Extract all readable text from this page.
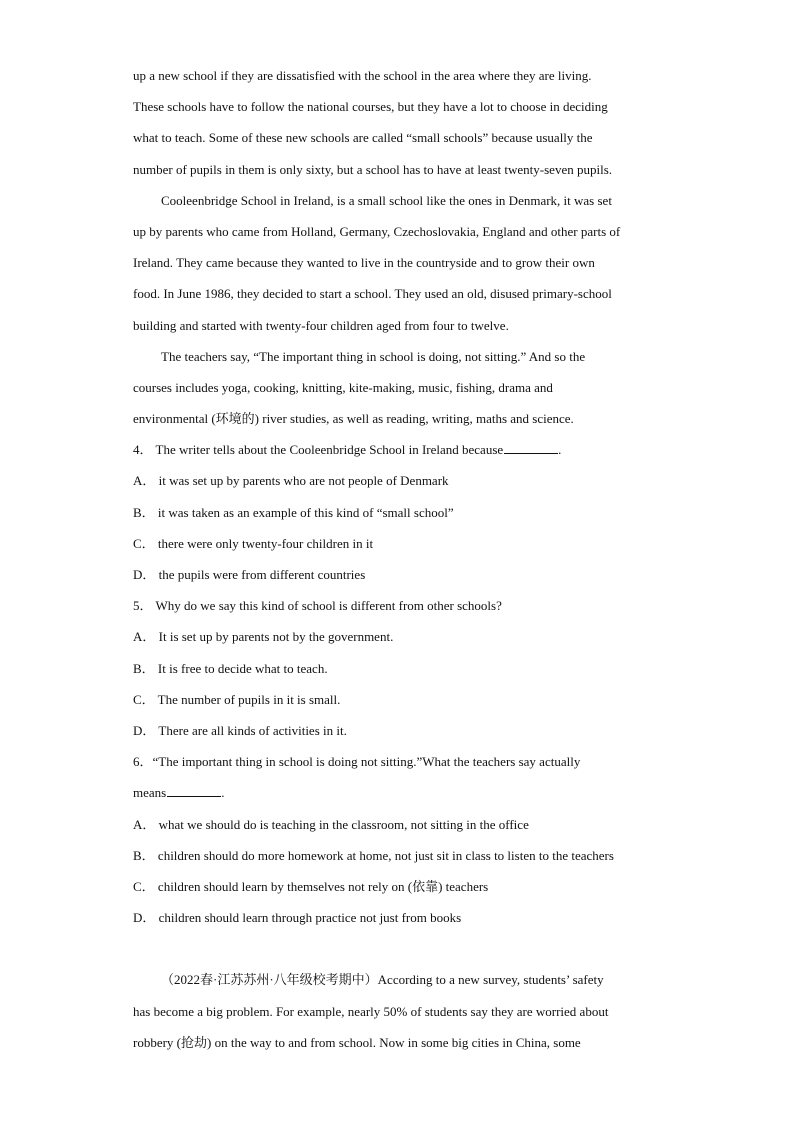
up a new school if they are dissatisfied with the school in the area where they are living.
These schools have to follow the national courses, but they have a lot to choose in deciding
what to teach. Some of these new schools are called “small schools” because usually the
number of pupils in them is only sixty, but a school has to have at least twenty-seven pupils.
Cooleenbridge School in Ireland, is a small school like the ones in Denmark, it was set
up by parents who came from Holland, Germany, Czechoslovakia, England and other parts of
Ireland. They came because they wanted to live in the countryside and to grow their own
food. In June 1986, they decided to start a school. They used an old, disused primary-school
building and started with twenty-four children aged from four to twelve.
The teachers say, “The important thing in school is doing, not sitting.” And so the
courses includes yoga, cooking, knitting, kite-making, music, fishing, drama and
environmental (环境的) river studies, as well as reading, writing, maths and science.
4． The writer tells about the Cooleenbridge School in Ireland because	.
A． it was set up by parents who are not people of Denmark
B． it was taken as an example of this kind of “small school”
C． there were only twenty-four children in it
D． the pupils were from different countries
5． Why do we say this kind of school is different from other schools?
A． It is set up by parents not by the government.
B． It is free to decide what to teach.
C． The number of pupils in it is small.
D． There are all kinds of activities in it.
6．“The important thing in school is doing not sitting.”What the teachers say actually
means	.
A． what we should do is teaching in the classroom, not sitting in the office
B． children should do more homework at home, not just sit in class to listen to the teachers
C． children should learn by themselves not rely on (依靠) teachers
D． children should learn through practice not just from books
（2022春·江苏苏州·八年级校考期中）According to a new survey, students’ safety
has become a big problem. For example, nearly 50% of students say they are worried about
robbery (抢劫) on the way to and from school. Now in some big cities in China, some
